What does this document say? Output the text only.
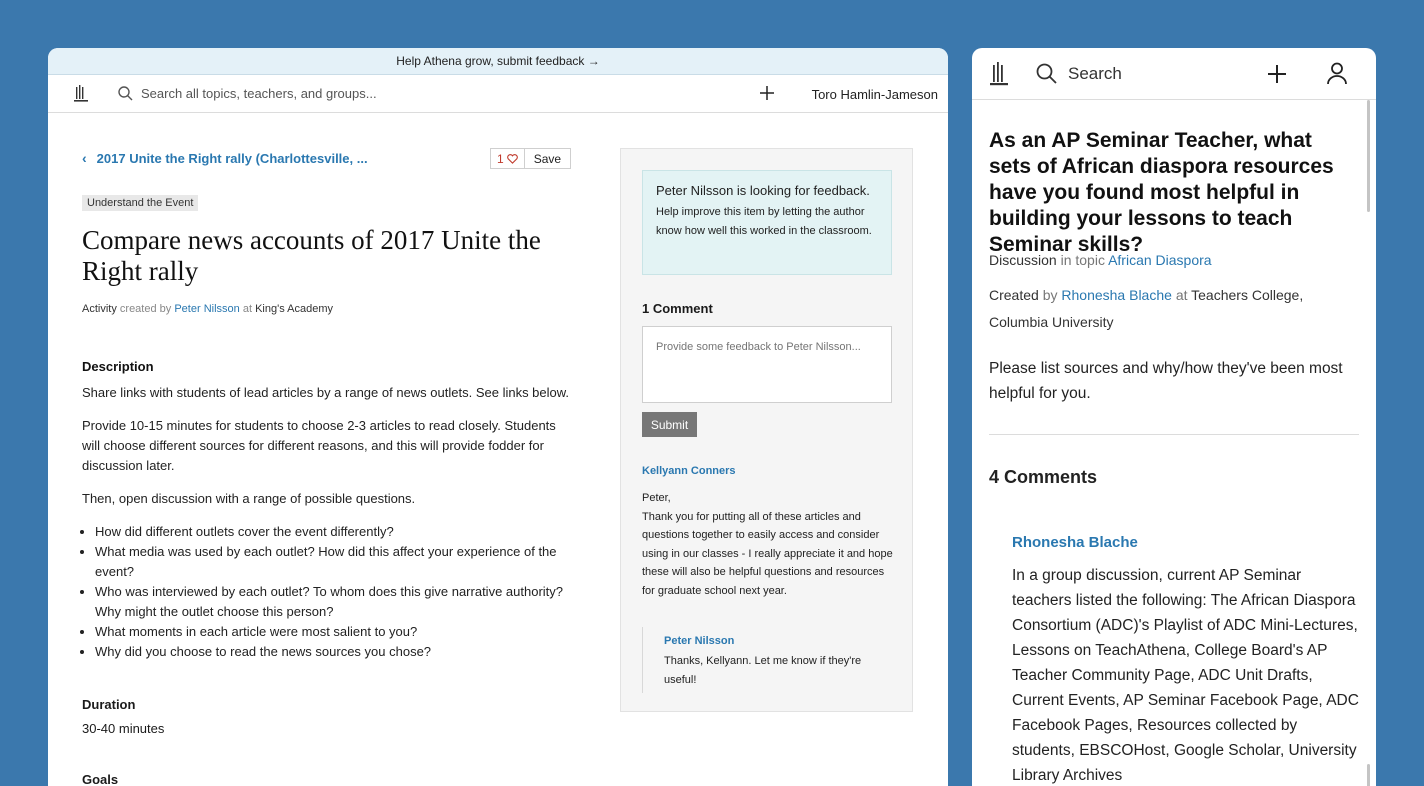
Help Athena grow, submit feedback →
Search all topics, teachers, and groups...	Toro Hamlin-Jameson
‹ 2017 Unite the Right rally (Charlottesville, ...	1	Save
Understand the Event
Compare news accounts of 2017 Unite the Right rally
Activity created by Peter Nilsson at King's Academy
Description

Share links with students of lead articles by a range of news outlets. See links below.

Provide 10-15 minutes for students to choose 2-3 articles to read closely. Students will choose different sources for different reasons, and this will provide fodder for discussion later.

Then, open discussion with a range of possible questions.

• How did different outlets cover the event differently?
• What media was used by each outlet? How did this affect your experience of the event?
• Who was interviewed by each outlet? To whom does this give narrative authority? Why might the outlet choose this person?
• What moments in each article were most salient to you?
• Why did you choose to read the news sources you chose?
Duration
30-40 minutes
Goals
Peter Nilsson is looking for feedback.
Help improve this item by letting the author know how well this worked in the classroom.
1 Comment
Provide some feedback to Peter Nilsson...
Submit
Kellyann Conners
Peter,
Thank you for putting all of these articles and questions together to easily access and consider using in our classes - I really appreciate it and hope these will also be helpful questions and resources for graduate school next year.
Peter Nilsson
Thanks, Kellyann. Let me know if they're useful!
Search
As an AP Seminar Teacher, what sets of African diaspora resources have you found most helpful in building your lessons to teach Seminar skills?
Discussion in topic African Diaspora
Created by Rhonesha Blache at Teachers College, Columbia University
Please list sources and why/how they've been most helpful for you.
4 Comments
Rhonesha Blache
In a group discussion, current AP Seminar teachers listed the following: The African Diaspora Consortium (ADC)'s Playlist of ADC Mini-Lectures, Lessons on TeachAthena, College Board's AP Teacher Community Page, ADC Unit Drafts, Current Events, AP Seminar Facebook Page, ADC Facebook Pages, Resources collected by students, EBSCOHost, Google Scholar, University Library Archives
